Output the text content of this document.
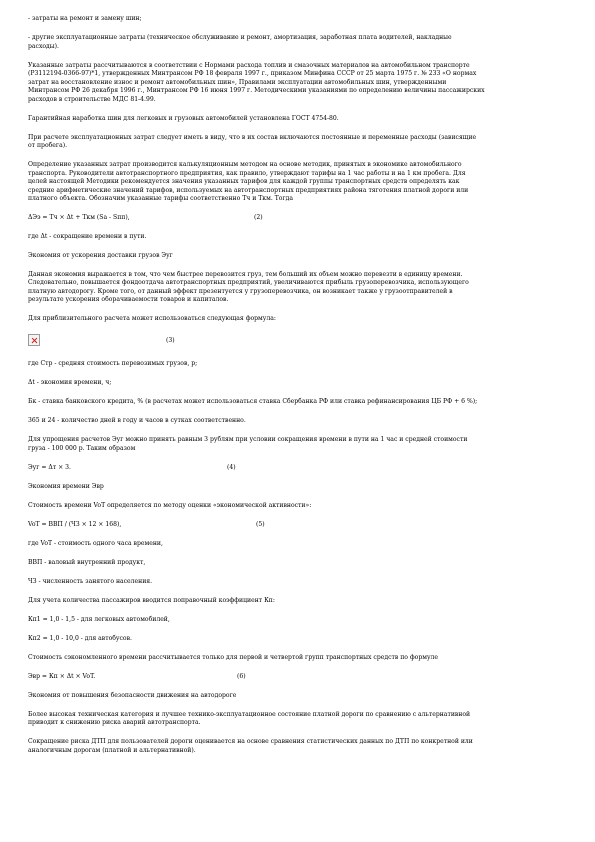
- затраты на ремонт и замену шин;
- другие эксплуатационные затраты (техническое обслуживание и ремонт, амортизация, заработная плата водителей, накладные
расходы).
Указанные затраты рассчитываются в соответствии с Нормами расхода топлив и смазочных материалов на автомобильном транспорте
(Р3112194-0366-97)*1, утвержденных Минтрансом РФ 18 февраля 1997 г., приказом Минфина СССР от 25 марта 1975 г. № 2ЗЗ «О нормах
затрат на восстановление износ и ремонт автомобильных шин», Правилами эксплуатации автомобильных шин, утвержденными
Минтрансом РФ 26 декабря 1996 г., Минтрансом РФ 16 июня 1997 г. Методическими указаниями по определению величины пассажирских
расходов в строительстве МДС 81-4.99.
Гарантийная наработка шин для легковых и грузовых автомобилей установлена ГОСТ 4754-80.
При расчете эксплуатационных затрат следует иметь в виду, что в их состав включаются постоянные и переменные расходы (зависящие
от пробега).
Определение указанных затрат производится калькуляционным методом на основе методик, принятых в экономике автомобильного
транспорта. Руководители автотранспортного предприятия, как правило, утверждают тарифы на 1 час работы и на 1 км пробега. Для
целей настоящей Методики рекомендуется значения указанных тарифов для каждой группы транспортных средств определять как
средние арифметические значений тарифов, используемых на автотранспортных предприятиях района тяготения платной дороги или
платного объекта. Обозначим указанные тарифы соответственно Тч и Ткм. Тогда
ΔЭэ = Тч × Δt + Ткм (Sa - Sпп),	(2)
где Δt - сокращение времени в пути.
Экономия от ускорения доставки грузов Эуг
Данная экономия выражается в том, что чем быстрее перевозится груз, тем больший их объем можно перевезти в единицу времени.
Следовательно, повышается фондоотдача автотранспортных предприятий, увеличиваются прибыль грузоперевозчика, использующего
платную автодорогу. Кроме того, от данный эффект презентуется у грузоперевозчика, он возникает также у грузоотправителей в
результате ускорения оборачиваемости товаров и капиталов.
Для приблизительного расчета может использоваться следующая формула:
(3)
где Стр - средняя стоимость перевозимых грузов, р;
Δt - экономия времени, ч;
Бк - ставка банковского кредита, % (в расчетах может использоваться ставка Сбербанка РФ или ставка рефинансирования ЦБ РФ + 6 %);
365 и 24 - количество дней в году и часов в сутках соответственно.
Для упрощения расчетов Эуг можно принять равным 3 рублям при условии сокращения времени в пути на 1 час и средней стоимости
груза - 100 000 р. Таким образом
Эуг = Δт × 3.	(4)
Экономия времени Эвр
Стоимость времени VoT определяется по методу оценки «экономической активности»:
VoT = ВВП / (ЧЗ × 12 × 168),	(5)
где VoT - стоимость одного часа времени,
ВВП - валовый внутренний продукт,
ЧЗ - численность занятого населения.
Для учета количества пассажиров вводится поправочный коэффициент Кп:
Кп1 = 1,0 - 1,5 - для легковых автомобилей,
Кп2 = 1,0 - 10,0 - для автобусов.
Стоимость сэкономленного времени рассчитывается только для первой и четвертой групп транспортных средств по формуле
Эвр = Кп × Δt × VoT.	(6)
Экономия от повышения безопасности движения на автодороге
Более высокая техническая категория и лучшее технико-эксплуатационное состояние платной дороги по сравнению с альтернативной
приводит к снижению риска аварий автотранспорта.
Сокращение риска ДТП для пользователей дороги оценивается на основе сравнения статистических данных по ДТП по конкретной или
аналогичным дорогам (платной и альтернативной).
